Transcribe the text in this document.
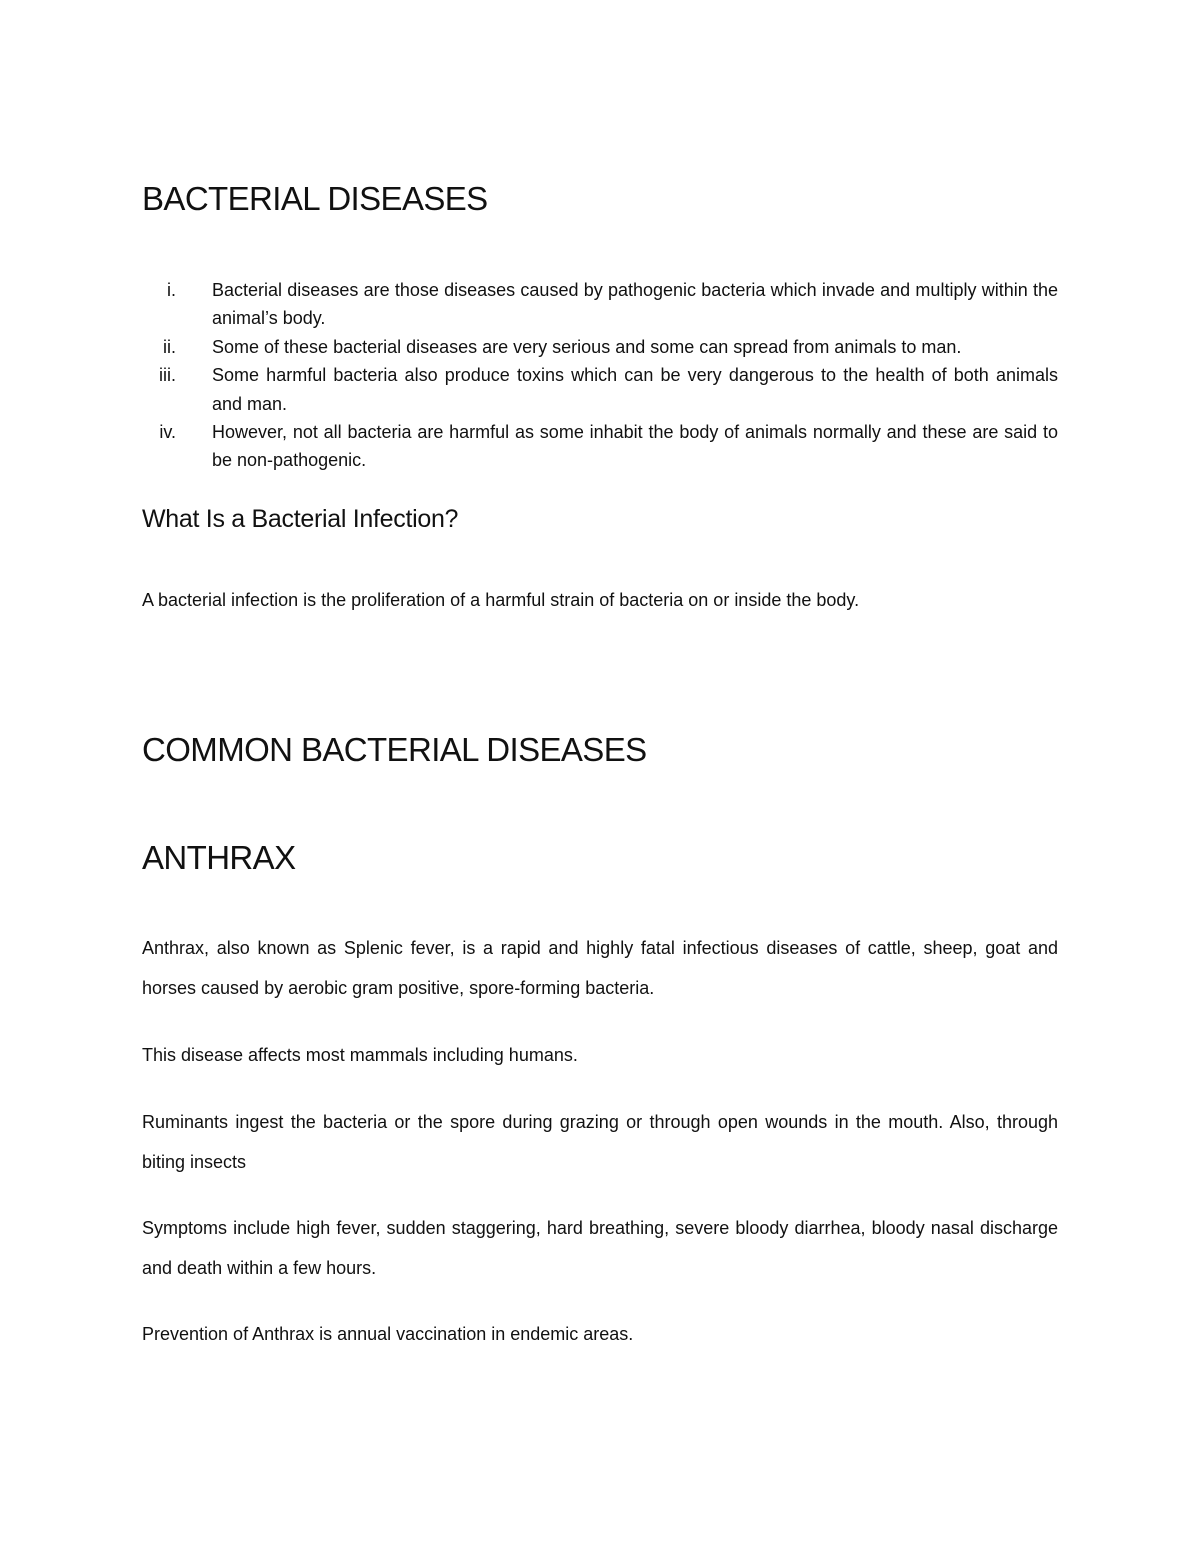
BACTERIAL DISEASES
i. Bacterial diseases are those diseases caused by pathogenic bacteria which invade and multiply within the animal’s body.
ii. Some of these bacterial diseases are very serious and some can spread from animals to man.
iii. Some harmful bacteria also produce toxins which can be very dangerous to the health of both animals and man.
iv. However, not all bacteria are harmful as some inhabit the body of animals normally and these are said to be non-pathogenic.
What Is a Bacterial Infection?

A bacterial infection is the proliferation of a harmful strain of bacteria on or inside the body.

COMMON BACTERIAL DISEASES
ANTHRAX

Anthrax, also known as Splenic fever, is a rapid and highly fatal infectious diseases of cattle, sheep, goat and horses caused by aerobic gram positive, spore-forming bacteria.

This disease affects most mammals including humans.

Ruminants ingest the bacteria or the spore during grazing or through open wounds in the mouth. Also, through biting insects

Symptoms include high fever, sudden staggering, hard breathing, severe bloody diarrhea, bloody nasal discharge and death within a few hours.

Prevention of Anthrax is annual vaccination in endemic areas.
